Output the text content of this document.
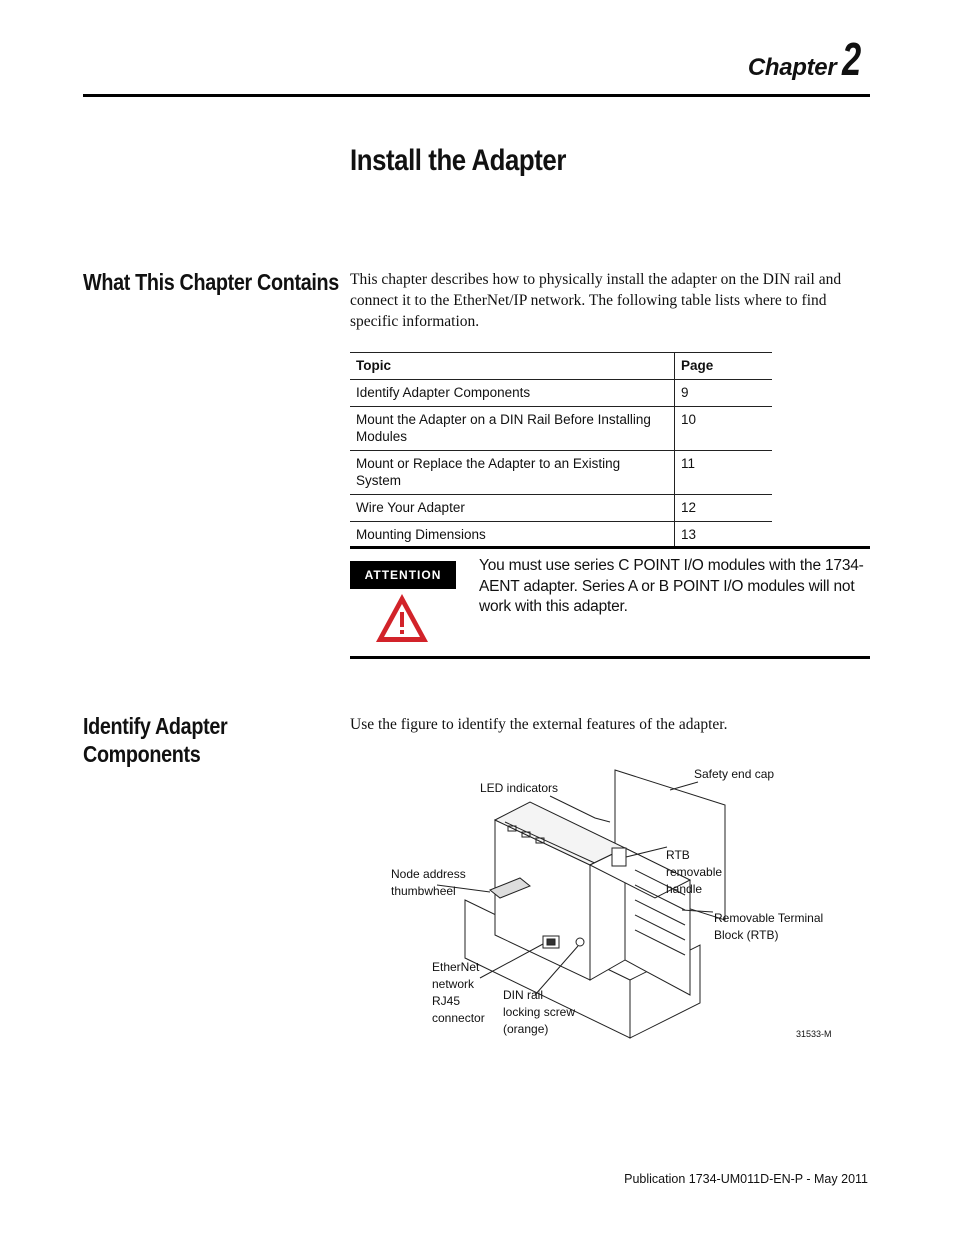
Chapter 2
Install the Adapter
What This Chapter Contains This chapter describes how to physically install the adapter on the DIN rail and connect it to the EtherNet/IP network. The following table lists where to find specific information.

Topic	Page
Identify Adapter Components	9
Mount the Adapter on a DIN Rail Before Installing Modules	10
Mount or Replace the Adapter to an Existing System	11
Wire Your Adapter	12
Mounting Dimensions	13
ATTENTION

You must use series C POINT I/O modules with the 1734-AENT adapter. Series A or B POINT I/O modules will not work with this adapter.

Identify Adapter
Components

Use the figure to identify the external features of the adapter.

LED indicators
Safety end cap
Node address
thumbwheel
RTB
removable
handle
Removable Terminal
Block (RTB)
EtherNet
network
RJ45
connector
DIN rail
locking screw
(orange)	31533-M
Publication 1734-UM011D-EN-P - May 2011
